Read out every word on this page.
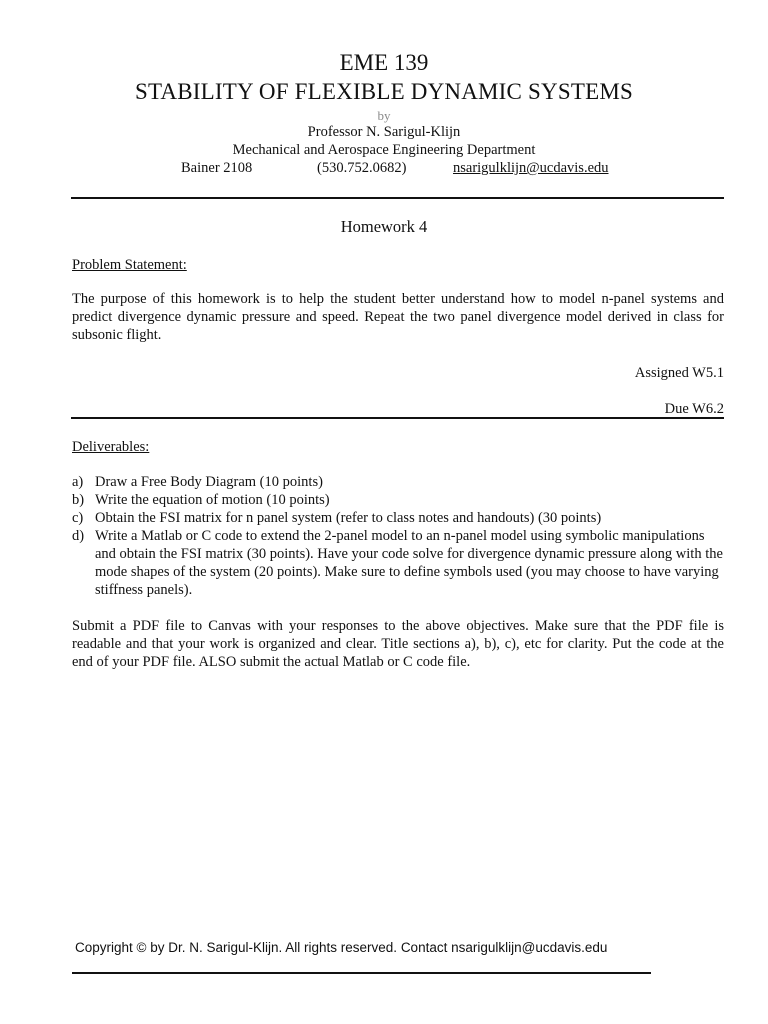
EME 139
STABILITY OF FLEXIBLE DYNAMIC SYSTEMS
by
Professor N. Sarigul-Klijn
Mechanical and Aerospace Engineering Department
Bainer 2108	(530.752.0682)	nsarigulklijn@ucdavis.edu
Homework 4
Problem Statement:
The purpose of this homework is to help the student better understand how to model n-panel systems and predict divergence dynamic pressure and speed. Repeat the two panel divergence model derived in class for subsonic flight.
Assigned W5.1
Due W6.2
Deliverables:
a) Draw a Free Body Diagram (10 points)
b) Write the equation of motion (10 points)
c) Obtain the FSI matrix for n panel system (refer to class notes and handouts) (30 points)
d) Write a Matlab or C code to extend the 2-panel model to an n-panel model using symbolic manipulations and obtain the FSI matrix (30 points). Have your code solve for divergence dynamic pressure along with the mode shapes of the system (20 points). Make sure to define symbols used (you may choose to have varying stiffness panels).
Submit a PDF file to Canvas with your responses to the above objectives. Make sure that the PDF file is readable and that your work is organized and clear. Title sections a), b), c), etc for clarity. Put the code at the end of your PDF file. ALSO submit the actual Matlab or C code file.
Copyright © by Dr. N. Sarigul-Klijn. All rights reserved. Contact nsarigulklijn@ucdavis.edu
